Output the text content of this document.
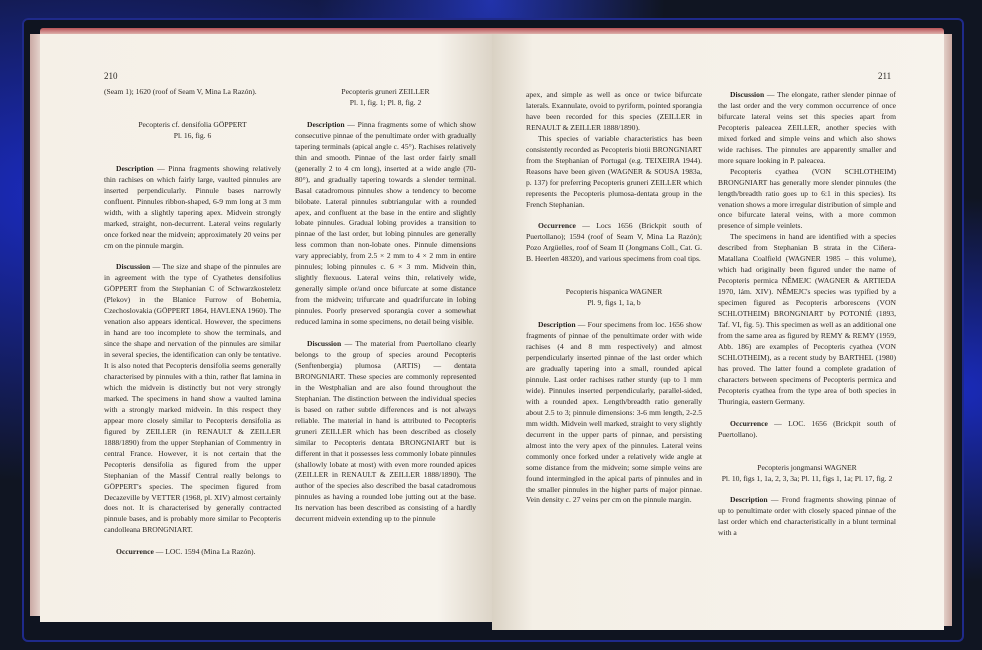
210

(Seam 1); 1620 (roof of Seam V, Mina La Razón).

Pecopteris cf. densifolia GÖPPERT

Pl. 16, fig. 6

Description — Pinna fragments showing relatively thin rachises on which fairly large, vaulted pinnules are inserted perpendicularly. Pinnule bases narrowly confluent. Pinnules ribbon-shaped, 6-9 mm long at 3 mm width, with a slightly tapering apex. Midvein strongly marked, straight, non-decurrent. Lateral veins regularly once forked near the midvein; approximately 20 veins per cm on the pinnule margin.

Discussion — The size and shape of the pinnules are in agreement with the type of Cyathetes densifolius GÖPPERT from the Stephanian C of Schwarzkosteletz (Plekov) in the Blanice Furrow of Bohemia, Czechoslovakia (GÖPPERT 1864, HAVLENA 1960). The venation also appears identical. However, the specimens in hand are too incomplete to show the terminals, and since the shape and nervation of the pinnules are similar in several species, the identification can only be tentative. It is also noted that Pecopteris densifolia seems generally characterised by pinnules with a thin, rather flat lamina in which the midvein is distinctly but not very strongly marked. The specimens in hand show a vaulted lamina with a strongly marked midvein. In this respect they appear more closely similar to Pecopteris densifolia as figured by ZEILLER (in RENAULT & ZEILLER 1888/1890) from the upper Stephanian of Commentry in central France. However, it is not certain that the Pecopteris densifolia as figured from the upper Stephanian of the Massif Central really belongs to GÖPPERT's species. The specimen figured from Decazeville by VETTER (1968, pl. XIV) almost certainly does not. It is characterised by generally contracted pinnule bases, and is probably more similar to Pecopteris candolleana BRONGNIART.

Occurrence — LOC. 1594 (Mina La Razón).

Pecopteris gruneri ZEILLER

Pl. 1, fig. 1; Pl. 8, fig. 2

Description — Pinna fragments some of which show consecutive pinnae of the penultimate order with gradually tapering terminals (apical angle c. 45°). Rachises relatively thin and smooth. Pinnae of the last order fairly small (generally 2 to 4 cm long), inserted at a wide angle (70-80°), and gradually tapering towards a slender terminal. Basal catadromous pinnules show a tendency to become bilobate. Lateral pinnules subtriangular with a rounded apex, and confluent at the base in the entire and slightly lobate pinnules. Gradual lobing provides a transition to pinnae of the last order, but lobing pinnules are generally less common than non-lobate ones. Pinnule dimensions vary appreciably, from 2.5 × 2 mm to 4 × 2 mm in entire pinnules; lobing pinnules c. 6 × 3 mm. Midvein thin, slightly flexuous. Lateral veins thin, relatively wide, generally simple or/and once bifurcate at some distance from the midvein; trifurcate and quadrifurcate in lobing pinnules. Poorly preserved sporangia cover a somewhat reduced lamina in some specimens, no detail being visible.

Discussion — The material from Puertollano clearly belongs to the group of species around Pecopteris (Senftenbergia) plumosa (ARTIS) — dentata BRONGNIART. These species are commonly represented in the Westphalian and are also found throughout the Stephanian. The distinction between the individual species is based on rather subtle differences and is not always reliable. The material in hand is attributed to Pecopteris gruneri ZEILLER which has been described as closely similar to Pecopteris dentata BRONGNIART but is different in that it possesses less commonly lobate pinnules (shallowly lobate at most) with even more rounded apices (ZEILLER in RENAULT & ZEILLER 1888/1890). The author of the species also described the basal catadromous pinnules as having a rounded lobe jutting out at the base. Its nervation has been described as consisting of a hardly decurrent midvein extending up to the pinnule

211

apex, and simple as well as once or twice bifurcate laterals. Exannulate, ovoid to pyriform, pointed sporangia have been recorded for this species (ZEILLER in RENAULT & ZEILLER 1888/1890).

This species of variable characteristics has been consistently recorded as Pecopteris biotii BRONGNIART from the Stephanian of Portugal (e.g. TEIXEIRA 1944). Reasons have been given (WAGNER & SOUSA 1983a, p. 137) for preferring Pecopteris gruneri ZEILLER which represents the Pecopteris plumosa-dentata group in the French Stephanian.

Occurrence — Locs 1656 (Brickpit south of Puertollano); 1594 (roof of Seam V, Mina La Razón); Pozo Argüelles, roof of Seam II (Jongmans Coll., Cat. G. B. Heerlen 48320), and various specimens from coal tips.

Pecopteris hispanica WAGNER

Pl. 9, figs 1, 1a, b

Description — Four specimens from loc. 1656 show fragments of pinnae of the penultimate order with wide rachises (4 and 8 mm respectively) and almost perpendicularly inserted pinnae of the last order which are gradually tapering into a small, rounded apical pinnule. Last order rachises rather sturdy (up to 1 mm wide). Pinnules inserted perpendicularly, parallel-sided, with a rounded apex. Length/breadth ratio generally about 2.5 to 3; pinnule dimensions: 3-6 mm length, 2-2.5 mm width. Midvein well marked, straight to very slightly decurrent in the upper parts of pinnae, and persisting almost into the very apex of the pinnules. Lateral veins commonly once forked under a relatively wide angle at some distance from the midvein; some simple veins are found intermingled in the apical parts of pinnules and in the smaller pinnules in the higher parts of major pinnae. Vein density c. 27 veins per cm on the pinnule margin.

Discussion — The elongate, rather slender pinnae of the last order and the very common occurrence of once bifurcate lateral veins set this species apart from Pecopteris paleacea ZEILLER, another species with mixed forked and simple veins and which also shows wide rachises. The pinnules are apparently smaller and more square looking in P. paleacea.

Pecopteris cyathea (VON SCHLOTHEIM) BRONGNIART has generally more slender pinnules (the length/breadth ratio goes up to 6:1 in this species). Its venation shows a more irregular distribution of simple and once bifurcate lateral veins, with a more common presence of simple veinlets.

The specimens in hand are identified with a species described from Stephanian B strata in the Ciñera-Matallana Coalfield (WAGNER 1985 – this volume), which had originally been figured under the name of Pecopteris permica NĚMEJC (WAGNER & ARTIEDA 1970, lám. XIV). NĚMEJC's species was typified by a specimen figured as Pecopteris arborescens (VON SCHLOTHEIM) BRONGNIART by POTONIÉ (1893, Taf. VI, fig. 5). This specimen as well as an additional one from the same area as figured by REMY & REMY (1959, Abb. 186) are examples of Pecopteris cyathea (VON SCHLOTHEIM), as a recent study by BARTHEL (1980) has proved. The latter found a complete gradation of characters between specimens of Pecopteris permica and Pecopteris cyathea from the type area of both species in Thuringia, eastern Germany.

Occurrence — LOC. 1656 (Brickpit south of Puertollano).

Pecopteris jongmansi WAGNER

Pl. 10, figs 1, 1a, 2, 3, 3a; Pl. 11, figs 1, 1a; Pl. 17, fig. 2

Description — Frond fragments showing pinnae of up to penultimate order with closely spaced pinnae of the last order which end characteristically in a blunt terminal with a
